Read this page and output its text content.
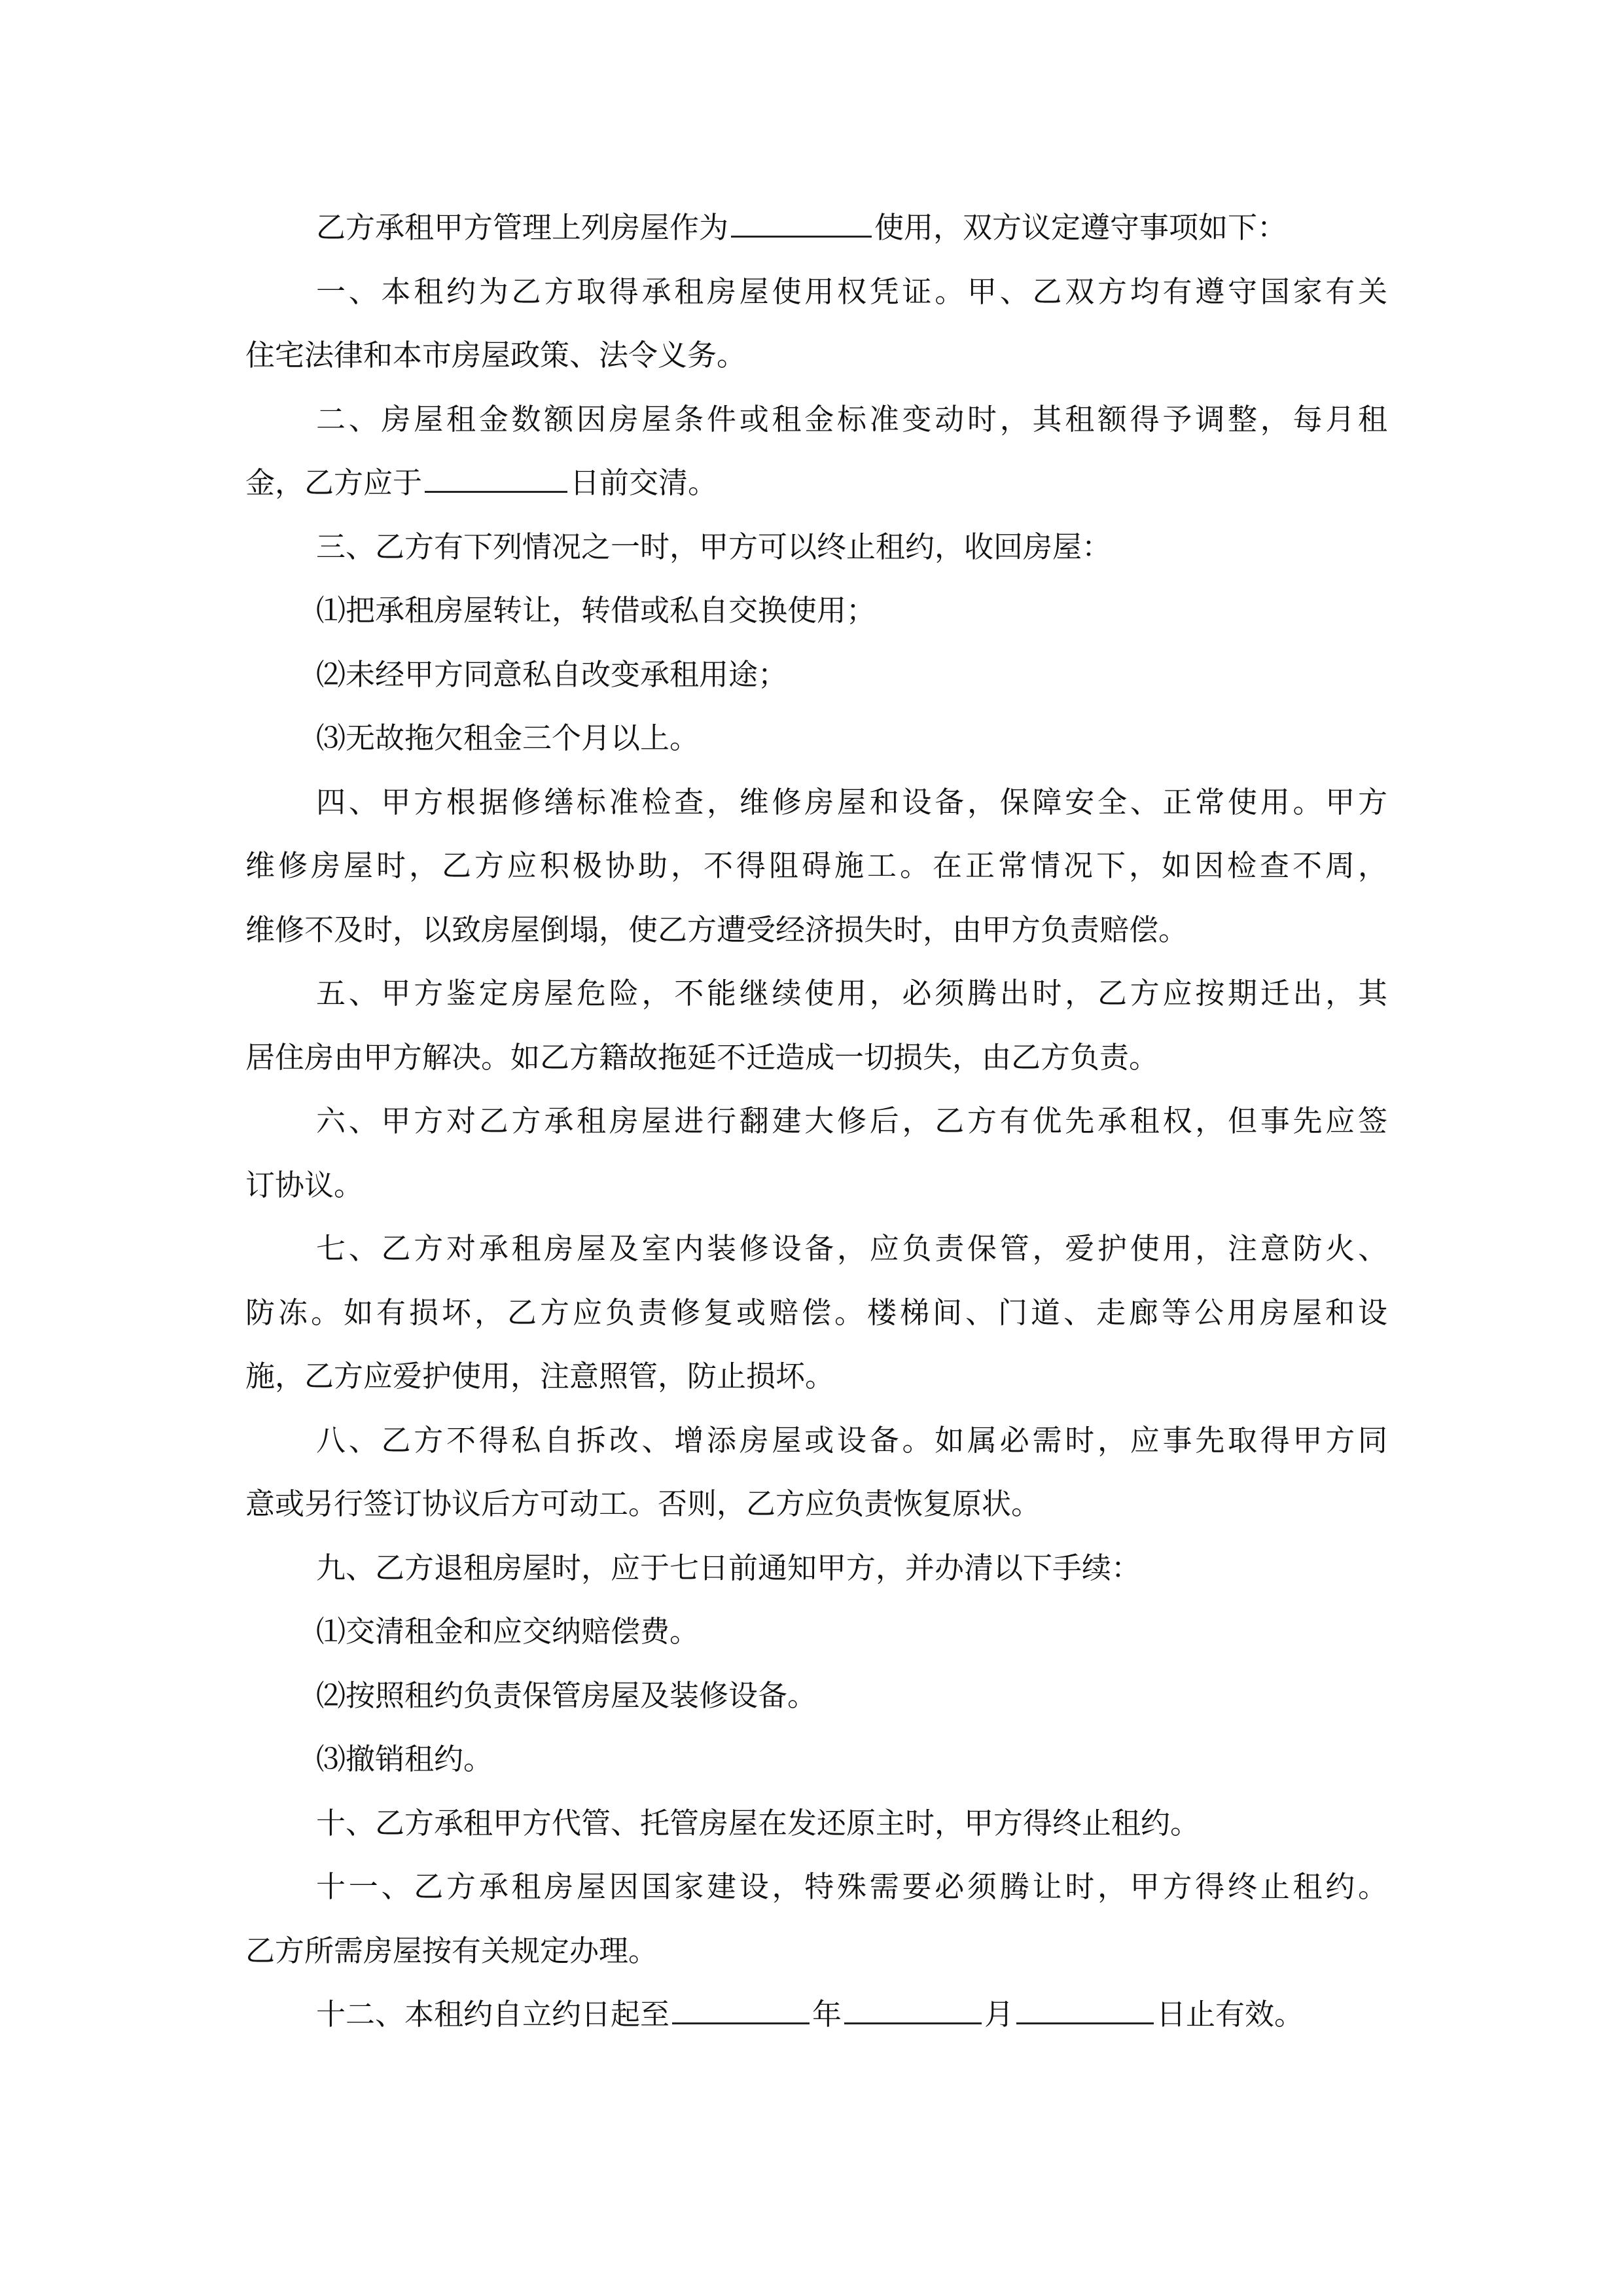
乙方承租甲方管理上列房屋作为	使用，双方议定遵守事项如下：
一、本租约为乙方取得承租房屋使用权凭证。甲、乙双方均有遵守国家有关
住宅法律和本市房屋政策、法令义务。
二、房屋租金数额因房屋条件或租金标准变动时，其租额得予调整，每月租
金，乙方应于	日前交清。
三、乙方有下列情况之一时，甲方可以终止租约，收回房屋：
⑴把承租房屋转让，转借或私自交换使用；
⑵未经甲方同意私自改变承租用途；
⑶无故拖欠租金三个月以上。
四、甲方根据修缮标准检查，维修房屋和设备，保障安全、正常使用。甲方
维修房屋时，乙方应积极协助，不得阻碍施工。在正常情况下，如因检查不周，
维修不及时，以致房屋倒塌，使乙方遭受经济损失时，由甲方负责赔偿。
五、甲方鉴定房屋危险，不能继续使用，必须腾出时，乙方应按期迁出，其
居住房由甲方解决。如乙方籍故拖延不迁造成一切损失，由乙方负责。
六、甲方对乙方承租房屋进行翻建大修后，乙方有优先承租权，但事先应签
订协议。
七、乙方对承租房屋及室内装修设备，应负责保管，爱护使用，注意防火、
防冻。如有损坏，乙方应负责修复或赔偿。楼梯间、门道、走廊等公用房屋和设
施，乙方应爱护使用，注意照管，防止损坏。
八、乙方不得私自拆改、增添房屋或设备。如属必需时，应事先取得甲方同
意或另行签订协议后方可动工。否则，乙方应负责恢复原状。
九、乙方退租房屋时，应于七日前通知甲方，并办清以下手续：
⑴交清租金和应交纳赔偿费。
⑵按照租约负责保管房屋及装修设备。
⑶撤销租约。
十、乙方承租甲方代管、托管房屋在发还原主时，甲方得终止租约。
十一、乙方承租房屋因国家建设，特殊需要必须腾让时，甲方得终止租约。
乙方所需房屋按有关规定办理。
十二、本租约自立约日起至	年	月	日止有效。
